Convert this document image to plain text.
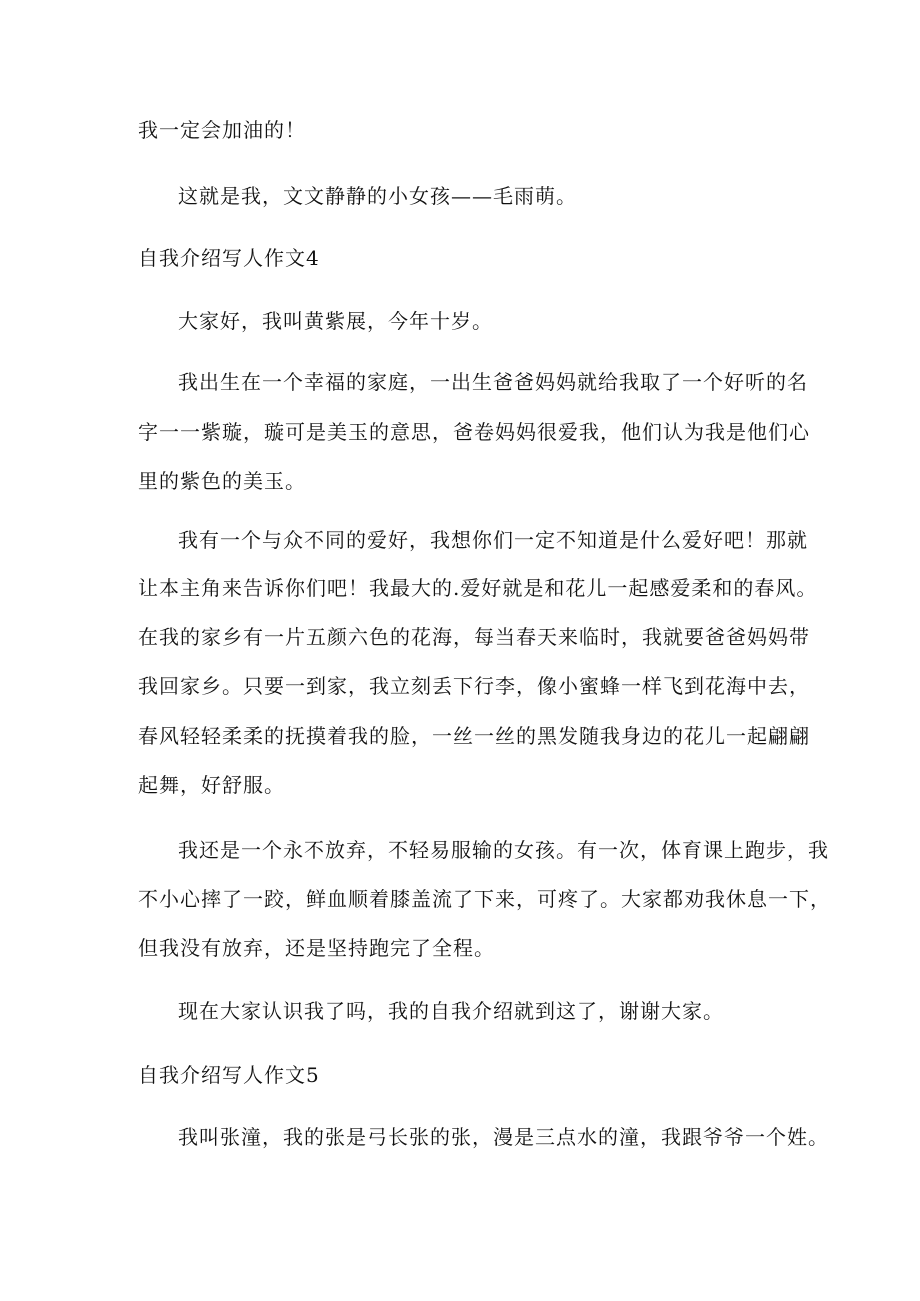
我一定会加油的！
这就是我，文文静静的小女孩——毛雨萌。
自我介绍写人作文4
大家好，我叫黄紫展，今年十岁。
我出生在一个幸福的家庭，一出生爸爸妈妈就给我取了一个好听的名
字一一紫璇，璇可是美玉的意思，爸卷妈妈很爱我，他们认为我是他们心
里的紫色的美玉。
我有一个与众不同的爱好，我想你们一定不知道是什么爱好吧！那就
让本主角来告诉你们吧！我最大的.爱好就是和花儿一起感爱柔和的春风。
在我的家乡有一片五颜六色的花海，每当春天来临时，我就要爸爸妈妈带
我回家乡。只要一到家，我立刻丢下行李，像小蜜蜂一样飞到花海中去，
春风轻轻柔柔的抚摸着我的脸，一丝一丝的黑发随我身边的花儿一起翩翩
起舞，好舒服。
我还是一个永不放弃，不轻易服输的女孩。有一次，体育课上跑步，我
不小心摔了一跤，鲜血顺着膝盖流了下来，可疼了。大家都劝我休息一下，
但我没有放弃，还是坚持跑完了全程。
现在大家认识我了吗，我的自我介绍就到这了，谢谢大家。
自我介绍写人作文5
我叫张潼，我的张是弓长张的张，漫是三点水的潼，我跟爷爷一个姓。
